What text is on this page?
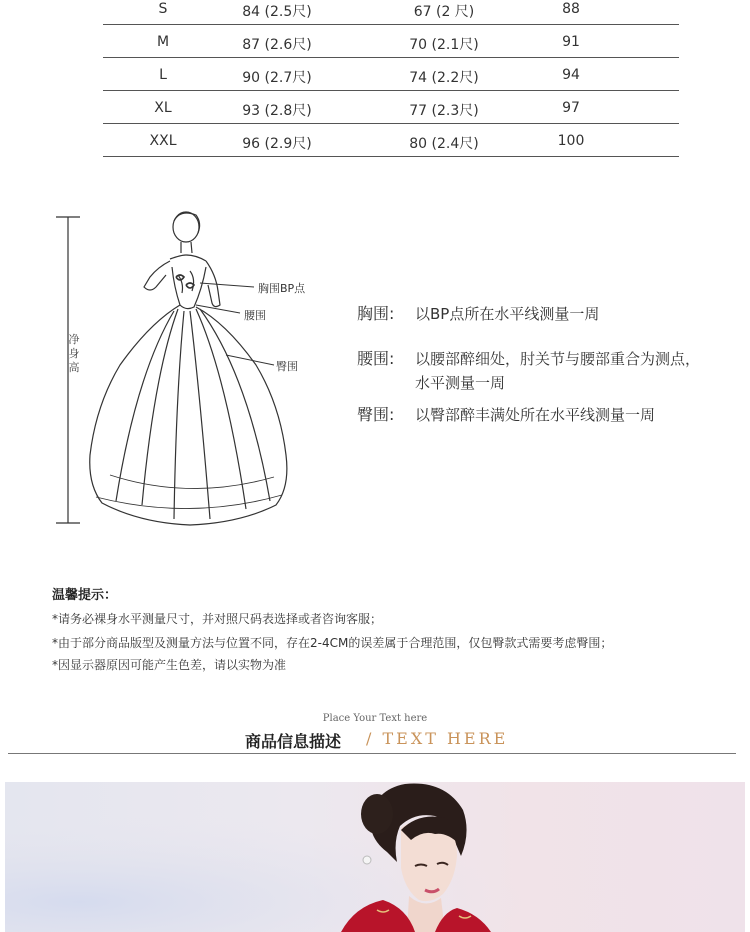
S	84 (2.5尺)	67 (2 尺)	88
M	87 (2.6尺)	70 (2.1尺)	91
L	90 (2.7尺)	74 (2.2尺)	94
XL	93 (2.8尺)	77 (2.3尺)	97
XXL	96 (2.9尺)	80 (2.4尺)	100
净身高
胸围BP点
腰围
臀围
胸围: 以BP点所在水平线测量一周
腰围: 以腰部醉细处，肘关节与腰部重合为测点，水平测量一周
臀围: 以臀部醉丰满处所在水平线测量一周
温馨提示：
*请务必裸身水平测量尺寸，并对照尺码表选择或者咨询客服；
*由于部分商品版型及测量方法与位置不同，存在2-4CM的误差属于合理范围，仅包臀款式需要考虑臀围；
*因显示器原因可能产生色差，请以实物为准
Place Your Text here
商品信息描述 / TEXT HERE
